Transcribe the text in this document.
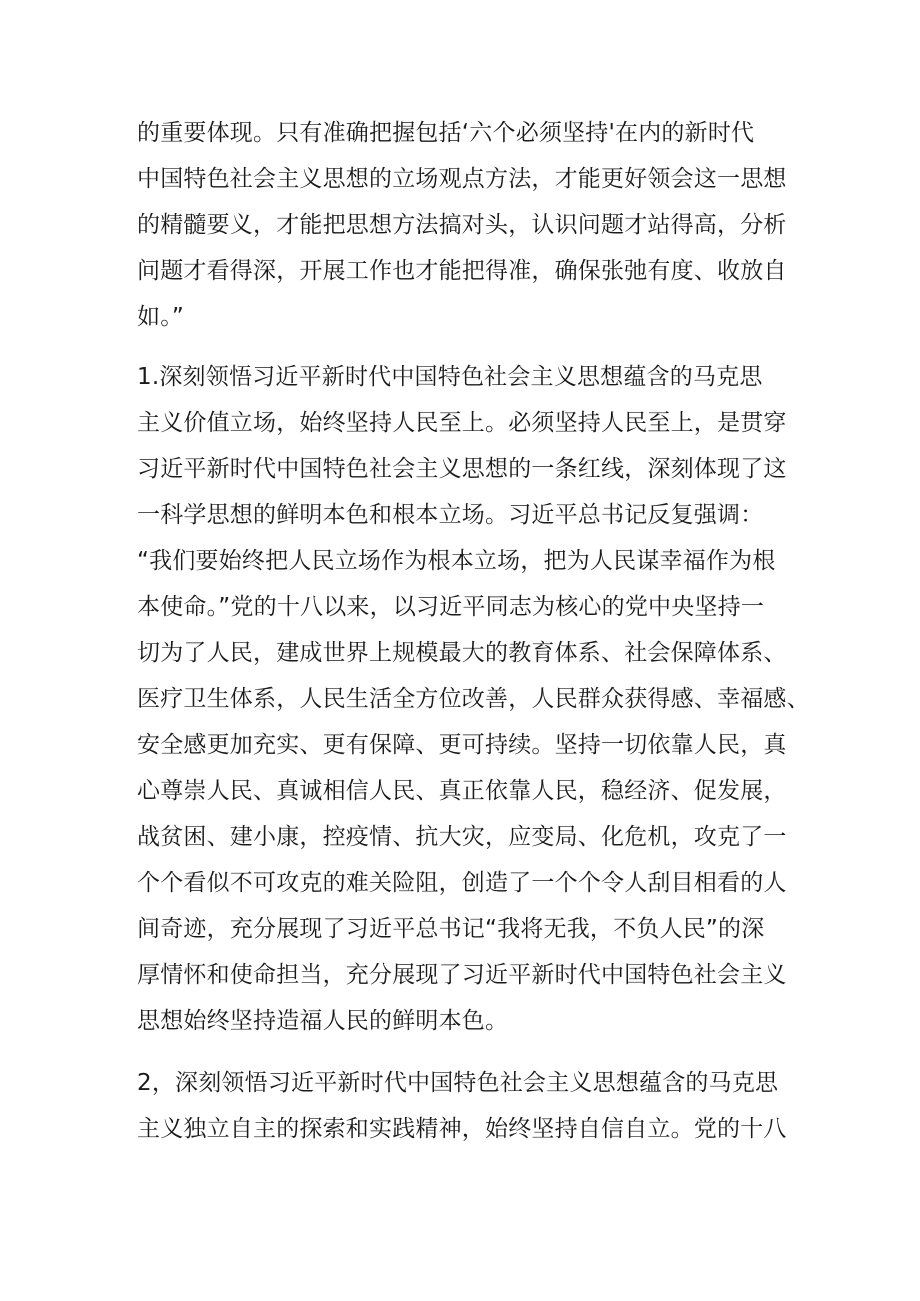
的重要体现。只有准确把握包括‘六个必须坚持'在内的新时代
中国特色社会主义思想的立场观点方法，才能更好领会这一思想
的精髓要义，才能把思想方法搞对头，认识问题才站得高，分析
问题才看得深，开展工作也才能把得准，确保张弛有度、收放自
如。”
1.深刻领悟习近平新时代中国特色社会主义思想蕴含的马克思
主义价值立场，始终坚持人民至上。必须坚持人民至上，是贯穿
习近平新时代中国特色社会主义思想的一条红线，深刻体现了这
一科学思想的鲜明本色和根本立场。习近平总书记反复强调：
“我们要始终把人民立场作为根本立场，把为人民谋幸福作为根
本使命。”党的十八以来，以习近平同志为核心的党中央坚持一
切为了人民，建成世界上规模最大的教育体系、社会保障体系、
医疗卫生体系，人民生活全方位改善，人民群众获得感、幸福感、
安全感更加充实、更有保障、更可持续。坚持一切依靠人民，真
心尊崇人民、真诚相信人民、真正依靠人民，稳经济、促发展，
战贫困、建小康，控疫情、抗大灾，应变局、化危机，攻克了一
个个看似不可攻克的难关险阻，创造了一个个令人刮目相看的人
间奇迹，充分展现了习近平总书记“我将无我，不负人民”的深
厚情怀和使命担当，充分展现了习近平新时代中国特色社会主义
思想始终坚持造福人民的鲜明本色。
2，深刻领悟习近平新时代中国特色社会主义思想蕴含的马克思
主义独立自主的探索和实践精神，始终坚持自信自立。党的十八
